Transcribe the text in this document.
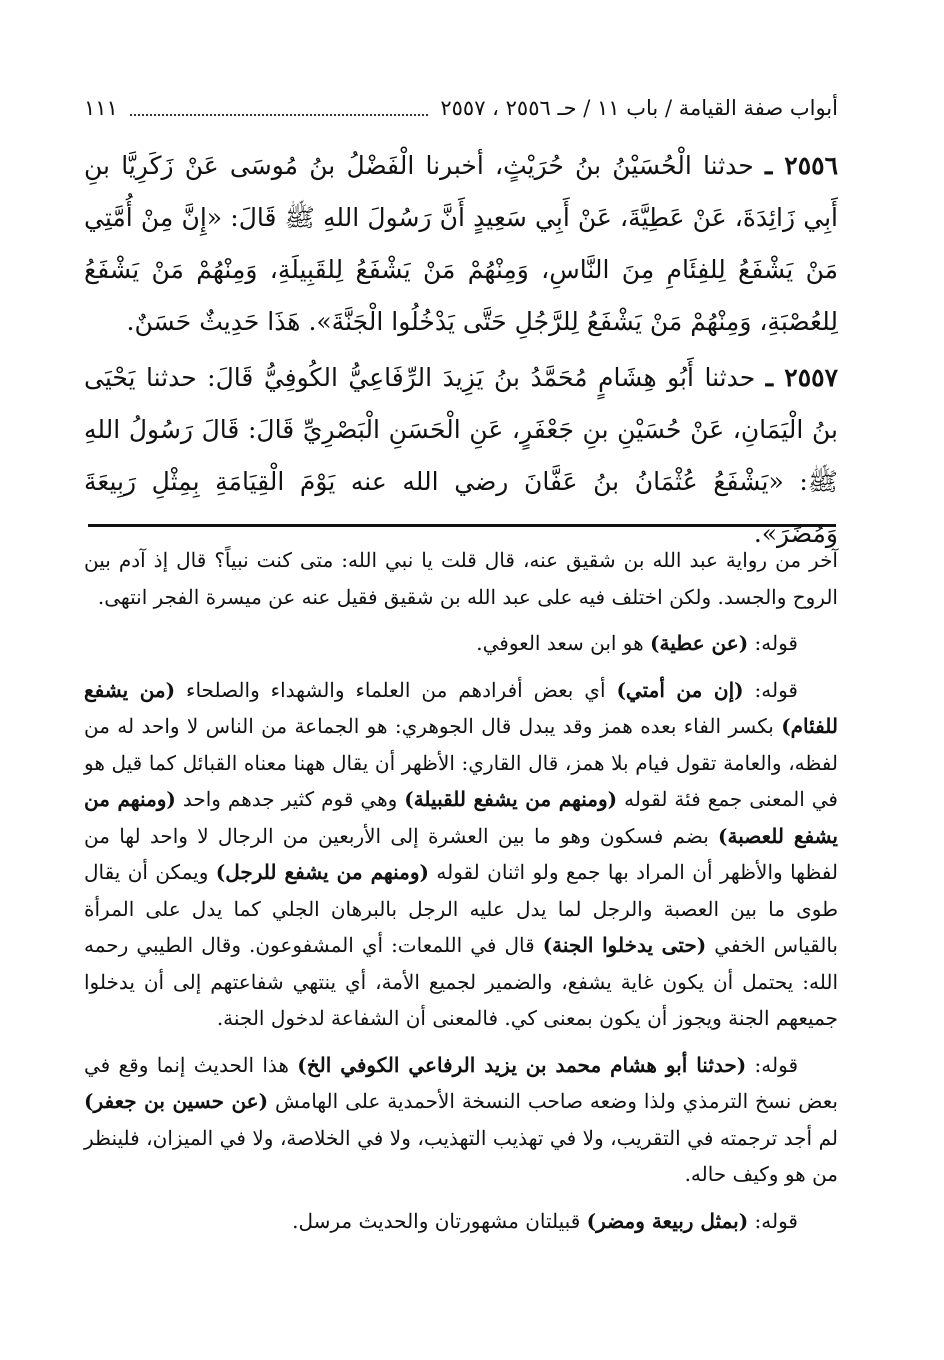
أبواب صفة القيامة / باب ١١ / حـ ٢٥٥٦ ، ٢٥٥٧
١١١
٢٥٥٦ ـ حدثنا الْحُسَيْنُ بنُ حُرَيْثٍ، أخبرنا الْفَضْلُ بنُ مُوسَى عَنْ زَكَرِيَّا بنِ أَبِي زَائِدَةَ، عَنْ عَطِيَّةَ، عَنْ أَبِي سَعِيدٍ أَنَّ رَسُولَ اللهِ ﷺ قَالَ: «إِنَّ مِنْ أُمَّتِي مَنْ يَشْفَعُ لِلفِئَامِ مِنَ النَّاسِ، وَمِنْهُمْ مَنْ يَشْفَعُ لِلقَبِيلَةِ، وَمِنْهُمْ مَنْ يَشْفَعُ لِلعُصْبَةِ، وَمِنْهُمْ مَنْ يَشْفَعُ لِلرَّجُلِ حَتَّى يَدْخُلُوا الْجَنَّةَ». هَذَا حَدِيثٌ حَسَنٌ.
٢٥٥٧ ـ حدثنا أَبُو هِشَامٍ مُحَمَّدُ بنُ يَزِيدَ الرِّفَاعِيُّ الكُوفِيُّ قَالَ: حدثنا يَحْيَى بنُ الْيَمَانِ، عَنْ حُسَيْنِ بنِ جَعْفَرٍ، عَنِ الْحَسَنِ الْبَصْرِيِّ قَالَ: قَالَ رَسُولُ اللهِ ﷺ: «يَشْفَعُ عُثْمَانُ بنُ عَفَّانَ رضي الله عنه يَوْمَ الْقِيَامَةِ بِمِثْلِ رَبِيعَةَ وَمُضَرَ».

آخر من رواية عبد الله بن شقيق عنه، قال قلت يا نبي الله: متى كنت نبياً؟ قال إذ آدم بين الروح والجسد. ولكن اختلف فيه على عبد الله بن شقيق فقيل عنه عن ميسرة الفجر انتهى.

قوله: (عن عطية) هو ابن سعد العوفي.

قوله: (إن من أمتي) أي بعض أفرادهم من العلماء والشهداء والصلحاء (من يشفع للفئام) بكسر الفاء بعده همز وقد يبدل قال الجوهري: هو الجماعة من الناس لا واحد له من لفظه، والعامة تقول فيام بلا همز، قال القاري: الأظهر أن يقال ههنا معناه القبائل كما قيل هو في المعنى جمع فئة لقوله (ومنهم من يشفع للقبيلة) وهي قوم كثير جدهم واحد (ومنهم من يشفع للعصبة) بضم فسكون وهو ما بين العشرة إلى الأربعين من الرجال لا واحد لها من لفظها والأظهر أن المراد بها جمع ولو اثنان لقوله (ومنهم من يشفع للرجل) ويمكن أن يقال طوى ما بين العصبة والرجل لما يدل عليه الرجل بالبرهان الجلي كما يدل على المرأة بالقياس الخفي (حتى يدخلوا الجنة) قال في اللمعات: أي المشفوعون. وقال الطيبي رحمه الله: يحتمل أن يكون غاية يشفع، والضمير لجميع الأمة، أي ينتهي شفاعتهم إلى أن يدخلوا جميعهم الجنة ويجوز أن يكون بمعنى كي. فالمعنى أن الشفاعة لدخول الجنة.

قوله: (حدثنا أبو هشام محمد بن يزيد الرفاعي الكوفي الخ) هذا الحديث إنما وقع في بعض نسخ الترمذي ولذا وضعه صاحب النسخة الأحمدية على الهامش (عن حسين بن جعفر) لم أجد ترجمته في التقريب، ولا في تهذيب التهذيب، ولا في الخلاصة، ولا في الميزان، فلينظر من هو وكيف حاله.

قوله: (بمثل ربيعة ومضر) قبيلتان مشهورتان والحديث مرسل.
